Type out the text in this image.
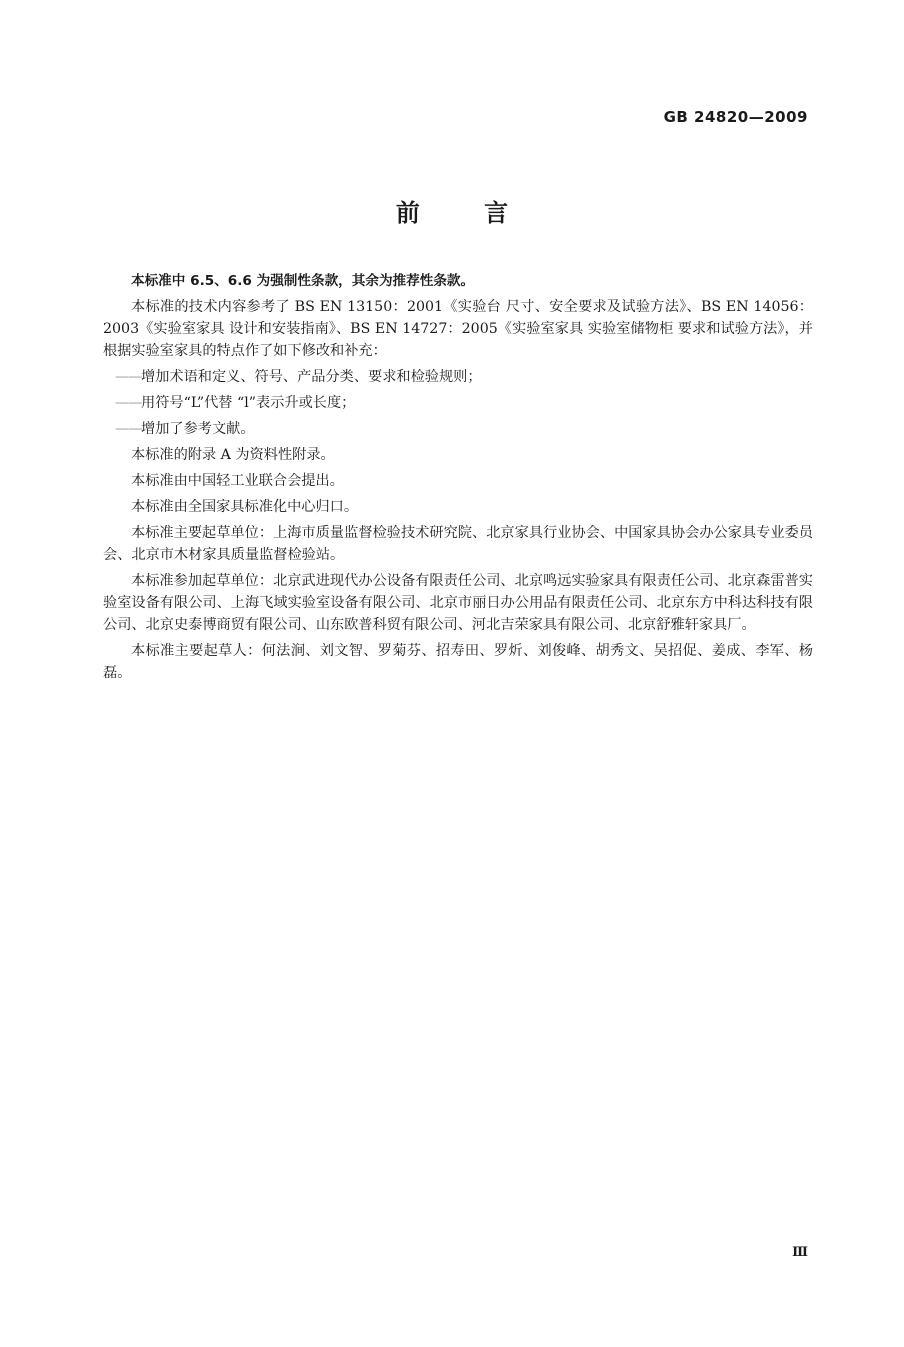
GB 24820—2009
前 言

本标准中 6.5、6.6 为强制性条款，其余为推荐性条款。

本标准的技术内容参考了 BS EN 13150：2001《实验台 尺寸、安全要求及试验方法》、BS EN 14056：2003《实验室家具 设计和安装指南》、BS EN 14727：2005《实验室家具 实验室储物柜 要求和试验方法》，并根据实验室家具的特点作了如下修改和补充：

—— 增加术语和定义、符号、产品分类、要求和检验规则；
—— 用符号“L”代替 “l”表示升或长度；
—— 增加了参考文献。

本标准的附录 A 为资料性附录。

本标准由中国轻工业联合会提出。

本标准由全国家具标准化中心归口。

本标准主要起草单位：上海市质量监督检验技术研究院、北京家具行业协会、中国家具协会办公家具专业委员会、北京市木材家具质量监督检验站。

本标准参加起草单位：北京武进现代办公设备有限责任公司、北京鸣远实验家具有限责任公司、北京森雷普实验室设备有限公司、上海飞域实验室设备有限公司、北京市丽日办公用品有限责任公司、北京东方中科达科技有限公司、北京史泰博商贸有限公司、山东欧普科贸有限公司、河北吉荣家具有限公司、北京舒雅轩家具厂。

本标准主要起草人：何法涧、刘文智、罗菊芬、招寿田、罗炘、刘俊峰、胡秀文、吴招促、姜成、李军、杨磊。

Ⅲ
